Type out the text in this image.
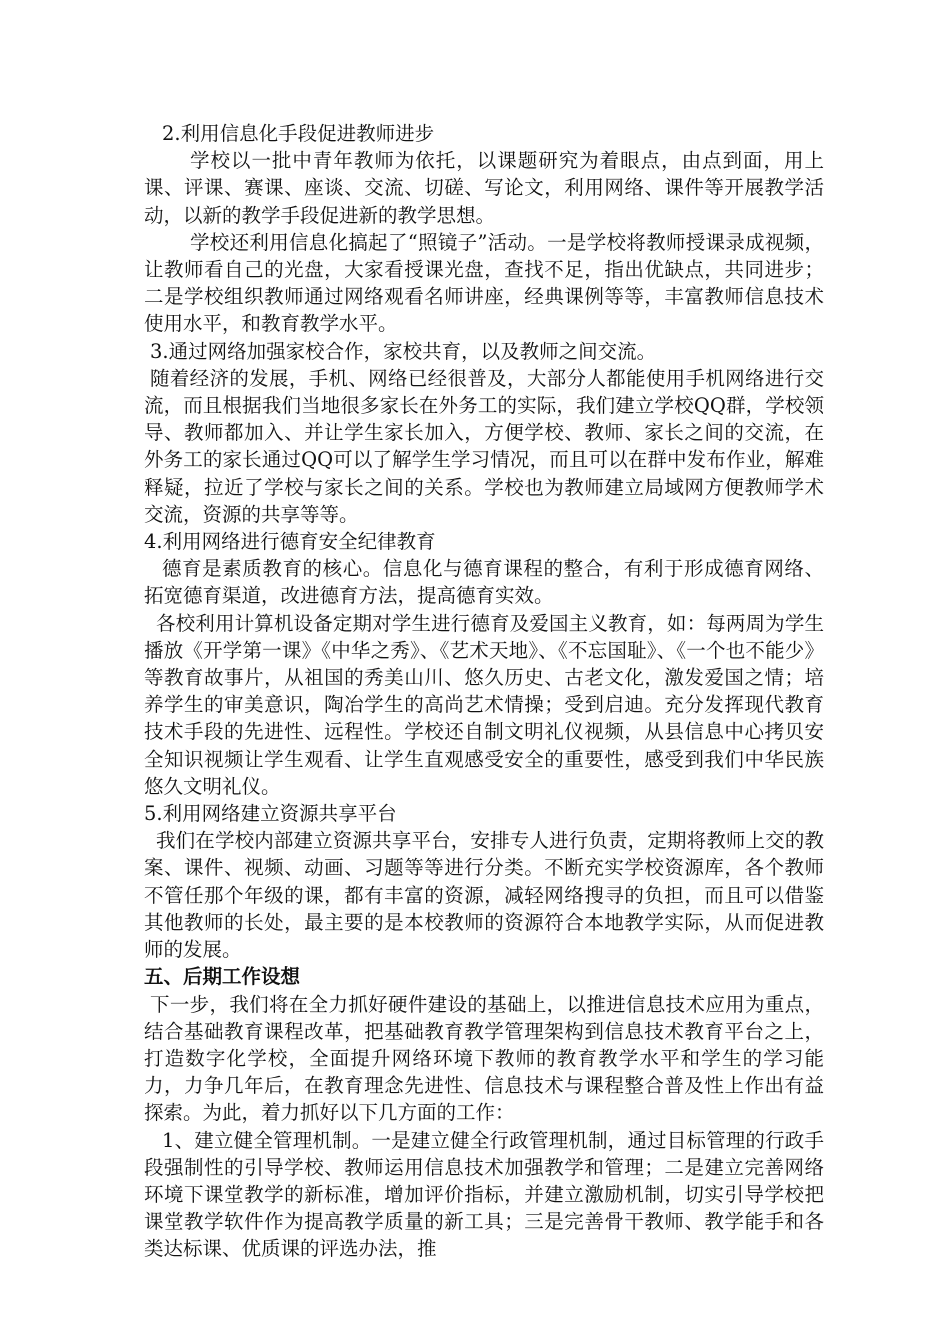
2.利用信息化手段促进教师进步

学校以一批中青年教师为依托，以课题研究为着眼点，由点到面，用上课、评课、赛课、座谈、交流、切磋、写论文，利用网络、课件等开展教学活动，以新的教学手段促进新的教学思想。

学校还利用信息化搞起了“照镜子”活动。一是学校将教师授课录成视频，让教师看自己的光盘，大家看授课光盘，查找不足，指出优缺点，共同进步；二是学校组织教师通过网络观看名师讲座，经典课例等等，丰富教师信息技术使用水平，和教育教学水平。

3.通过网络加强家校合作，家校共育，以及教师之间交流。

随着经济的发展，手机、网络已经很普及，大部分人都能使用手机网络进行交流，而且根据我们当地很多家长在外务工的实际，我们建立学校QQ群，学校领导、教师都加入、并让学生家长加入，方便学校、教师、家长之间的交流，在外务工的家长通过QQ可以了解学生学习情况，而且可以在群中发布作业，解难释疑，拉近了学校与家长之间的关系。学校也为教师建立局域网方便教师学术交流，资源的共享等等。

4.利用网络进行德育安全纪律教育

德育是素质教育的核心。信息化与德育课程的整合，有利于形成德育网络、拓宽德育渠道，改进德育方法，提高德育实效。

各校利用计算机设备定期对学生进行德育及爱国主义教育，如：每两周为学生播放《开学第一课》《中华之秀》、《艺术天地》、《不忘国耻》、《一个也不能少》等教育故事片，从祖国的秀美山川、悠久历史、古老文化，激发爱国之情；培养学生的审美意识，陶冶学生的高尚艺术情操；受到启迪。充分发挥现代教育技术手段的先进性、远程性。学校还自制文明礼仪视频，从县信息中心拷贝安全知识视频让学生观看、让学生直观感受安全的重要性，感受到我们中华民族悠久文明礼仪。

5.利用网络建立资源共享平台

我们在学校内部建立资源共享平台，安排专人进行负责，定期将教师上交的教案、课件、视频、动画、习题等等进行分类。不断充实学校资源库，各个教师不管任那个年级的课，都有丰富的资源，减轻网络搜寻的负担，而且可以借鉴其他教师的长处，最主要的是本校教师的资源符合本地教学实际，从而促进教师的发展。

五、后期工作设想

下一步，我们将在全力抓好硬件建设的基础上，以推进信息技术应用为重点，结合基础教育课程改革，把基础教育教学管理架构到信息技术教育平台之上，打造数字化学校，全面提升网络环境下教师的教育教学水平和学生的学习能力，力争几年后，在教育理念先进性、信息技术与课程整合普及性上作出有益探索。为此，着力抓好以下几方面的工作：

1、建立健全管理机制。一是建立健全行政管理机制，通过目标管理的行政手段强制性的引导学校、教师运用信息技术加强教学和管理；二是建立完善网络环境下课堂教学的新标准，增加评价指标，并建立激励机制，切实引导学校把课堂教学软件作为提高教学质量的新工具；三是完善骨干教师、教学能手和各类达标课、优质课的评选办法，推
